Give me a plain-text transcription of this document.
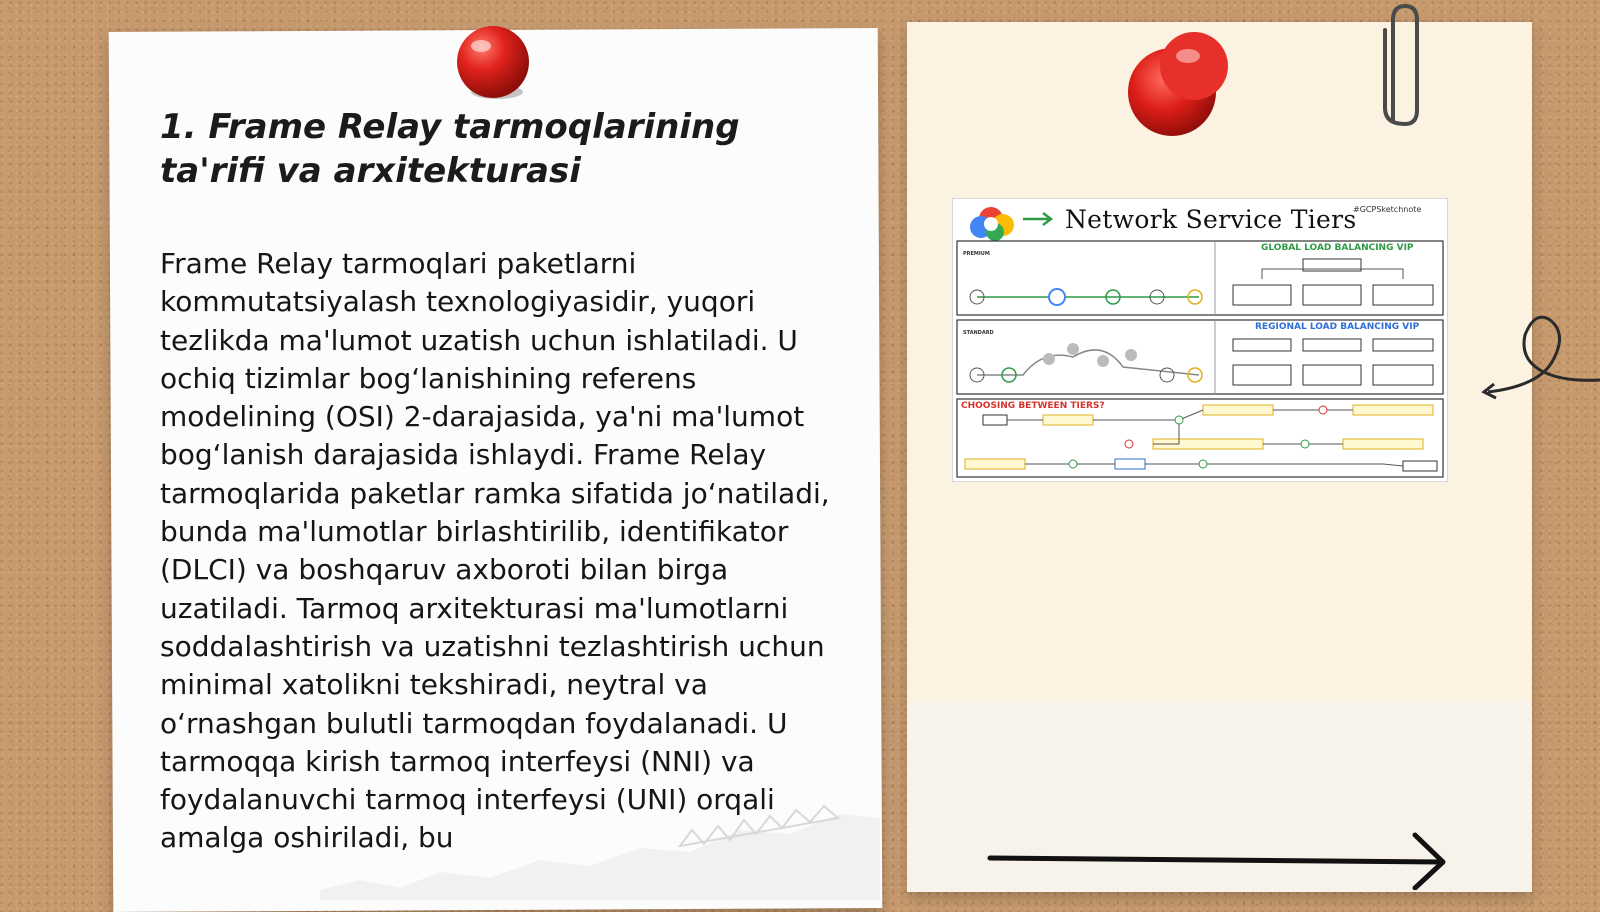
1. Frame Relay tarmoqlarining ta'rifi va arxitekturasi

Frame Relay tarmoqlari paketlarni kommutatsiyalash texnologiyasidir, yuqori tezlikda ma'lumot uzatish uchun ishlatiladi. U ochiq tizimlar bog‘lanishining referens modelining (OSI) 2-darajasida, ya'ni ma'lumot bog‘lanish darajasida ishlaydi. Frame Relay tarmoqlarida paketlar ramka sifatida jo‘natiladi, bunda ma'lumotlar birlashtirilib, identifikator (DLCI) va boshqaruv axboroti bilan birga uzatiladi. Tarmoq arxitekturasi ma'lumotlarni soddalashtirish va uzatishni tezlashtirish uchun minimal xatolikni tekshiradi, neytral va o‘rnashgan bulutli tarmoqdan foydalanadi. U tarmoqqa kirish tarmoq interfeysi (NNI) va foydalanuvchi tarmoq interfeysi (UNI) orqali amalga oshiriladi, bu

Network Service Tiers
#GCPSketchnote
PREMIUM
GLOBAL LOAD BALANCING VIP
STANDARD
REGIONAL LOAD BALANCING VIP
CHOOSING BETWEEN TIERS?
